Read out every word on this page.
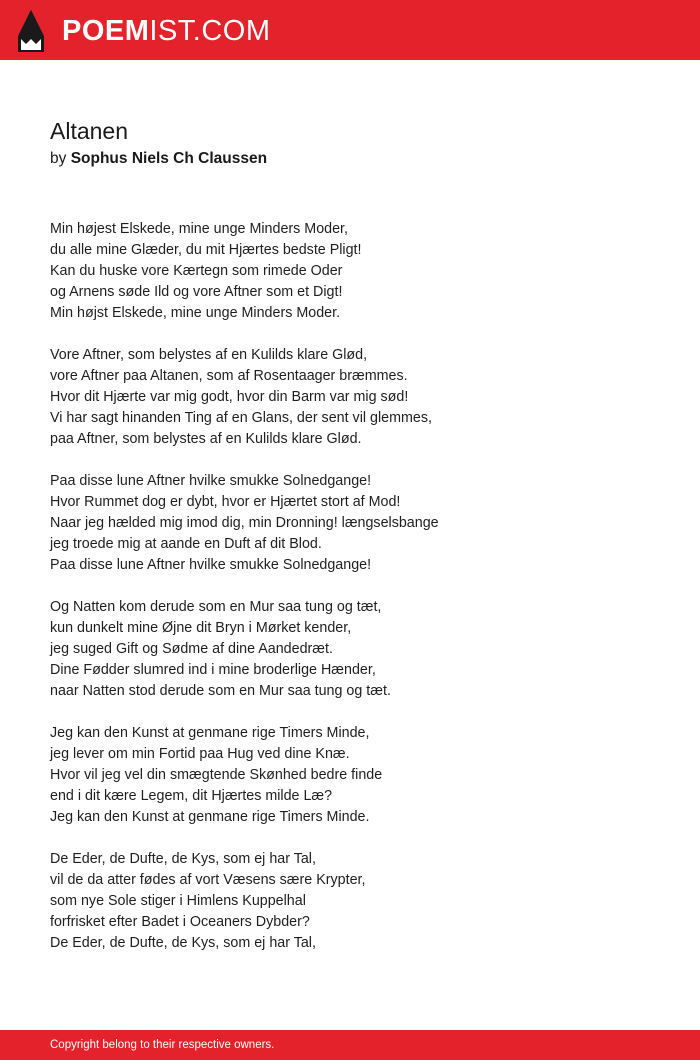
POEMIST.COM
Altanen
by Sophus Niels Ch Claussen
Min højest Elskede, mine unge Minders Moder,
du alle mine Glæder, du mit Hjærtes bedste Pligt!
Kan du huske vore Kærtegn som rimede Oder
og Arnens søde Ild og vore Aftner som et Digt!
Min højst Elskede, mine unge Minders Moder.
Vore Aftner, som belystes af en Kulilds klare Glød,
vore Aftner paa Altanen, som af Rosentaager bræmmes.
Hvor dit Hjærte var mig godt, hvor din Barm var mig sød!
Vi har sagt hinanden Ting af en Glans, der sent vil glemmes,
paa Aftner, som belystes af en Kulilds klare Glød.
Paa disse lune Aftner hvilke smukke Solnedgange!
Hvor Rummet dog er dybt, hvor er Hjærtet stort af Mod!
Naar jeg hælded mig imod dig, min Dronning! længselsbange
jeg troede mig at aande en Duft af dit Blod.
Paa disse lune Aftner hvilke smukke Solnedgange!
Og Natten kom derude som en Mur saa tung og tæt,
kun dunkelt mine Øjne dit Bryn i Mørket kender,
jeg suged Gift og Sødme af dine Aandedræt.
Dine Fødder slumred ind i mine broderlige Hænder,
naar Natten stod derude som en Mur saa tung og tæt.
Jeg kan den Kunst at genmane rige Timers Minde,
jeg lever om min Fortid paa Hug ved dine Knæ.
Hvor vil jeg vel din smægtende Skønhed bedre finde
end i dit kære Legem, dit Hjærtes milde Læ?
Jeg kan den Kunst at genmane rige Timers Minde.
De Eder, de Dufte, de Kys, som ej har Tal,
vil de da atter fødes af vort Væsens sære Krypter,
som nye Sole stiger i Himlens Kuppelhal
forfrisket efter Badet i Oceaners Dybder?
De Eder, de Dufte, de Kys, som ej har Tal,
Copyright belong to their respective owners.
